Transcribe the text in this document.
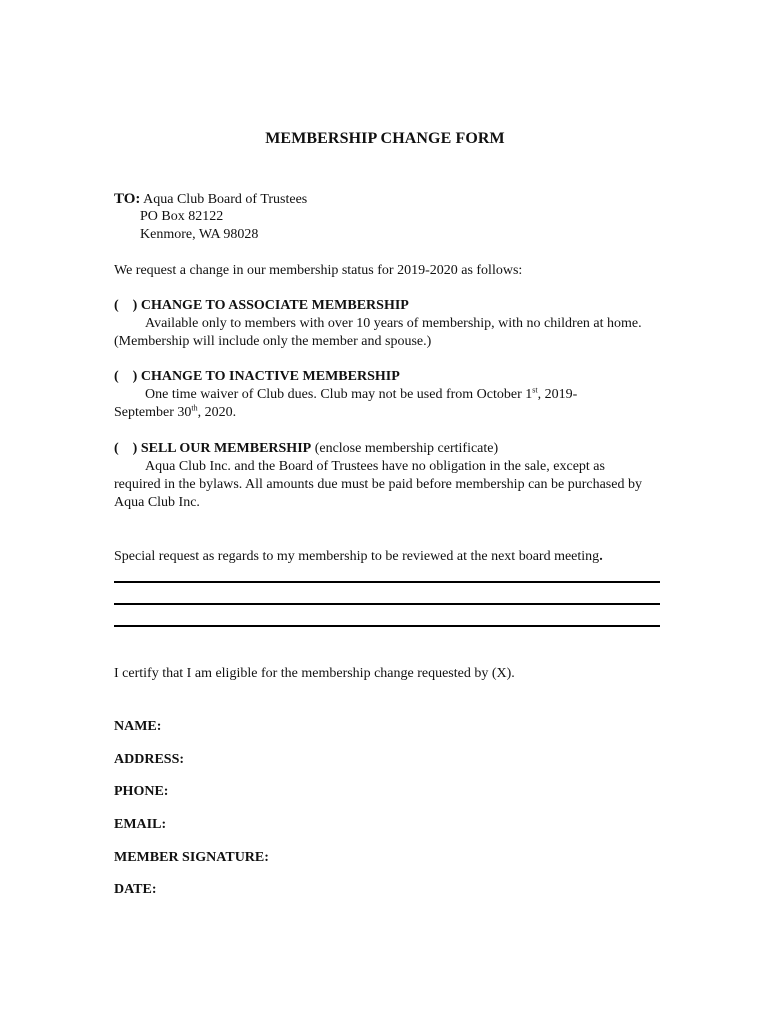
MEMBERSHIP CHANGE FORM
TO: Aqua Club Board of Trustees
PO Box 82122
Kenmore, WA 98028
We request a change in our membership status for 2019-2020 as follows:
(    ) CHANGE TO ASSOCIATE MEMBERSHIP
Available only to members with over 10 years of membership, with no children at home. (Membership will include only the member and spouse.)
(    ) CHANGE TO INACTIVE MEMBERSHIP
One time waiver of Club dues. Club may not be used from October 1st, 2019-
September 30th, 2020.
(    ) SELL OUR MEMBERSHIP (enclose membership certificate)
Aqua Club Inc. and the Board of Trustees have no obligation in the sale, except as required in the bylaws. All amounts due must be paid before membership can be purchased by Aqua Club Inc.
Special request as regards to my membership to be reviewed at the next board meeting.
I certify that I am eligible for the membership change requested by (X).
NAME:
ADDRESS:
PHONE:
EMAIL:
MEMBER SIGNATURE:
DATE:
